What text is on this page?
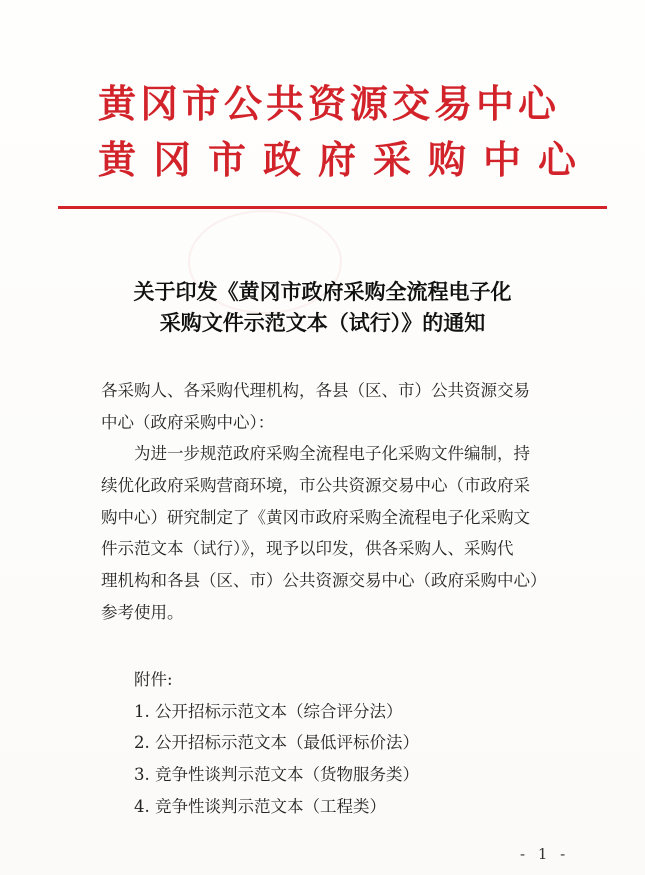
黄冈市公共资源交易中心
黄冈市政府采购中心
关于印发《黄冈市政府采购全流程电子化
采购文件示范文本（试行）》的通知
各采购人、各采购代理机构，各县（区、市）公共资源交易
中心（政府采购中心）：
为进一步规范政府采购全流程电子化采购文件编制，持
续优化政府采购营商环境，市公共资源交易中心（市政府采
购中心）研究制定了《黄冈市政府采购全流程电子化采购文
件示范文本（试行）》，现予以印发，供各采购人、采购代
理机构和各县（区、市）公共资源交易中心（政府采购中心）
参考使用。
附件:
1. 公开招标示范文本（综合评分法）
2. 公开招标示范文本（最低评标价法）
3. 竞争性谈判示范文本（货物服务类）
4. 竞争性谈判示范文本（工程类）
- 1 -
